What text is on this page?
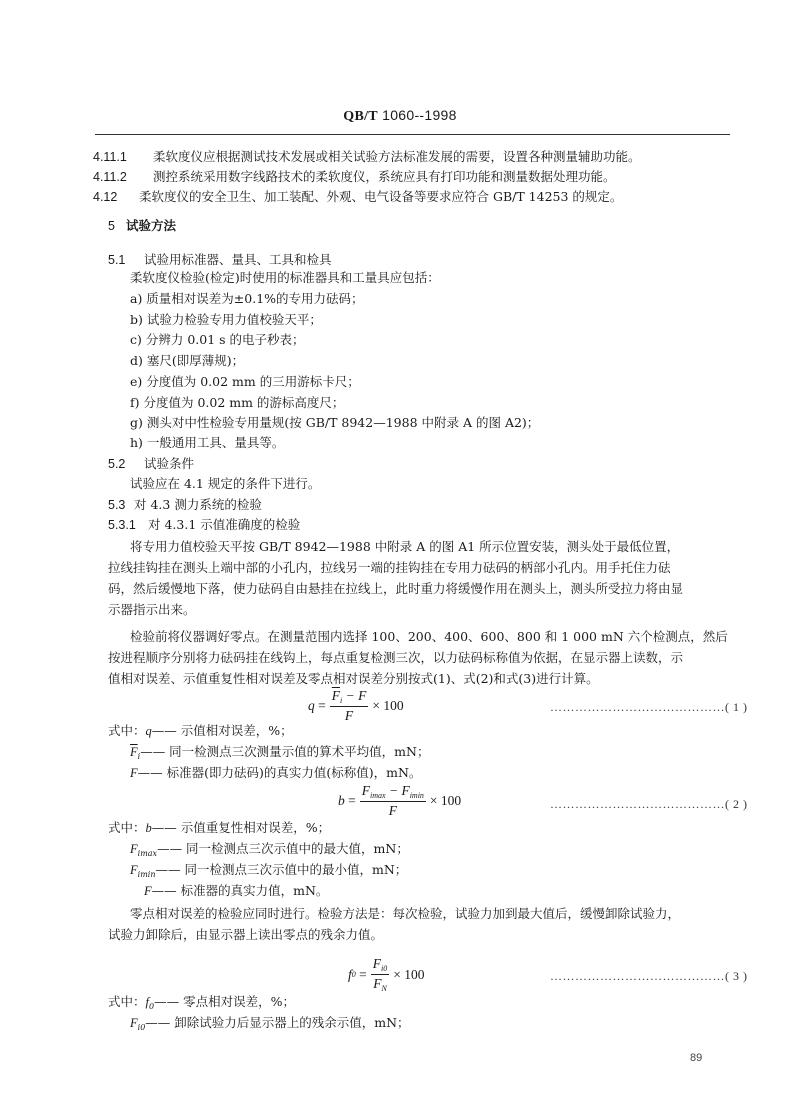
QB/T 1060--1998
4.11.1 柔软度仪应根据测试技术发展或相关试验方法标准发展的需要，设置各种测量辅助功能。
4.11.2 测控系统采用数字线路技术的柔软度仪，系统应具有打印功能和测量数据处理功能。
4.12 柔软度仪的安全卫生、加工装配、外观、电气设备等要求应符合 GB/T 14253 的规定。
5 试验方法
5.1 试验用标准器、量具、工具和检具
柔软度仪检验(检定)时使用的标准器具和工量具应包括：
a) 质量相对误差为±0.1%的专用力砝码；
b) 试验力检验专用力值校验天平；
c) 分辨力 0.01 s 的电子秒表；
d) 塞尺(即厚薄规)；
e) 分度值为 0.02 mm 的三用游标卡尺；
f) 分度值为 0.02 mm 的游标高度尺；
g) 测头对中性检验专用量规(按 GB/T 8942—1988 中附录 A 的图 A2)；
h) 一般通用工具、量具等。
5.2 试验条件
试验应在 4.1 规定的条件下进行。
5.3 对 4.3 测力系统的检验
5.3.1 对 4.3.1 示值准确度的检验
将专用力值校验天平按 GB/T 8942—1988 中附录 A 的图 A1 所示位置安装，测头处于最低位置，
拉线挂钩挂在测头上端中部的小孔内，拉线另一端的挂钩挂在专用力砝码的柄部小孔内。用手托住力砝
码，然后缓慢地下落，使力砝码自由悬挂在拉线上，此时重力将缓慢作用在测头上，测头所受拉力将由显
示器指示出来。
检验前将仪器调好零点。在测量范围内选择 100、200、400、600、800 和 1 000 mN 六个检测点，然后
按进程顺序分别将力砝码挂在线钩上，每点重复检测三次，以力砝码标称值为依据，在显示器上读数，示
值相对误差、示值重复性相对误差及零点相对误差分别按式(1)、式(2)和式(3)进行计算。
$q = \frac{\overline{F}_i - F}{F} \times 100$	……………………………………( 1 )
式中：q—— 示值相对误差，%；
$\overline{F}_i——$ 同一检测点三次测量示值的算术平均值，mN；
F—— 标准器(即力砝码)的真实力值(标称值)，mN。
$b = \frac{F_{imax} - F_{imin}}{F} \times 100$	……………………………………( 2 )
式中：b—— 示值重复性相对误差，%；
$F_{imax}——$ 同一检测点三次示值中的最大值，mN；
$F_{imin}——$ 同一检测点三次示值中的最小值，mN；
F—— 标准器的真实力值，mN。
零点相对误差的检验应同时进行。检验方法是：每次检验，试验力加到最大值后，缓慢卸除试验力，
试验力卸除后，由显示器上读出零点的残余力值。
f $0 = \frac{F_{i0}}{F_N} \times 100$	……………………………………( 3 )
式中：$f_0——$ 零点相对误差，%；
$F_{i0}——$ 卸除试验力后显示器上的残余示值，mN；
89
